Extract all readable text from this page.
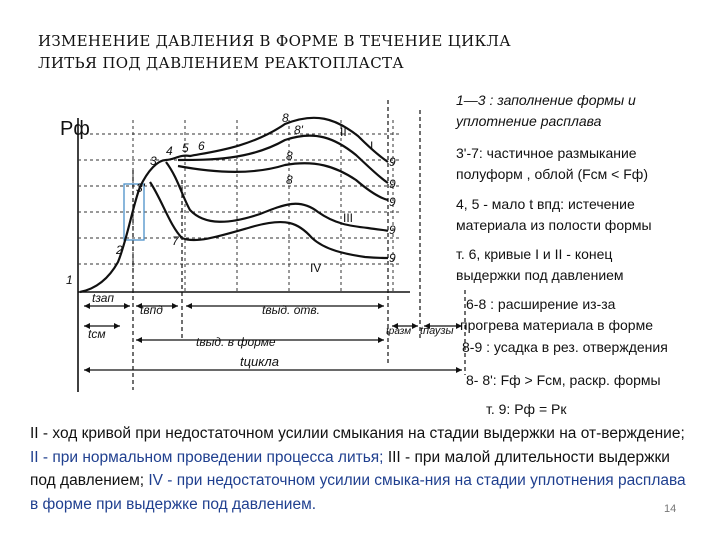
ИЗМЕНЕНИЕ ДАВЛЕНИЯ В ФОРМЕ В ТЕЧЕНИЕ ЦИКЛА
ЛИТЬЯ ПОД ДАВЛЕНИЕМ РЕАКТОПЛАСТА
Pф
1
2
3
3'
4 5 6
7
8
8'
8
8
9
9
9
9
9
II
I
III
IV
tзап
tвпд	tвыд. отв.
tсм
tвыд. в форме
tразм tпаузы
tцикла
1—3 : заполнение формы и
уплотнение расплава
3'-7: частичное размыкание
полуформ , облой (Fсм < Fф)
4, 5 - мало t впд: истечение
материала из полости формы
т. 6, кривые I и II - конец
выдержки под давлением
6-8 : расширение из-за
прогрева материала в форме
8-9 : усадка в рез. отверждения
8- 8': Fф > Fсм, раскр. формы
т. 9: Pф = Pк
II - ход кривой при недостаточном усилии смыкания на стадии выдержки на от-верждение; II - при нормальном проведении процесса литья; III - при малой длительности выдержки под давлением; IV - при недостаточном усилии смыка-ния на стадии уплотнения расплава в форме при выдержке под давлением.	14
